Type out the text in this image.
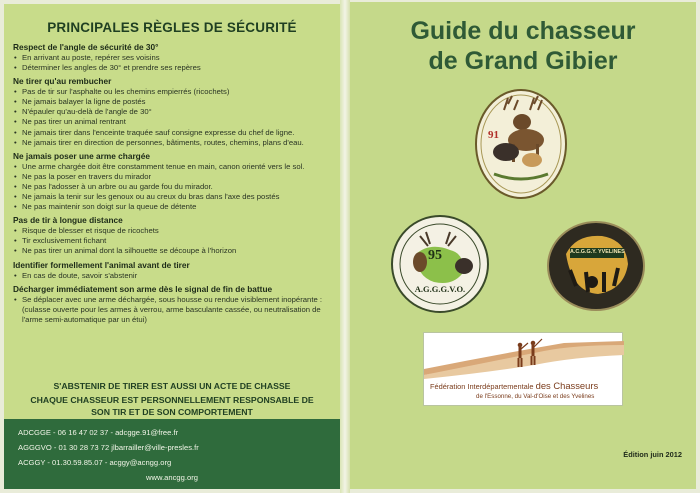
PRINCIPALES RÈGLES DE SÉCURITÉ
Respect de l'angle de sécurité de 30°
• En arrivant au poste, repérer ses voisins
• Déterminer les angles de 30° et prendre ses repères
Ne tirer qu'au rembucher
• Pas de tir sur l'asphalte ou les chemins empierrés (ricochets)
• Ne jamais balayer la ligne de postés
• N'épauler qu'au-delà de l'angle de 30°
• Ne pas tirer un animal rentrant
• Ne jamais tirer dans l'enceinte traquée sauf consigne expresse du chef de ligne.
• Ne jamais tirer en direction de personnes, bâtiments, routes, chemins, plans d'eau.
Ne jamais poser une arme chargée
• Une arme chargée doit être constamment tenue en main, canon orienté vers le sol.
• Ne pas la poser en travers du mirador
• Ne pas l'adosser à un arbre ou au garde fou du mirador.
• Ne jamais la tenir sur les genoux ou au creux du bras dans l'axe des postés
• Ne pas maintenir son doigt sur la queue de détente
Pas de tir à longue distance
• Risque de blesser et risque de ricochets
• Tir exclusivement fichant
• Ne pas tirer un animal dont la silhouette se découpe à l'horizon
Identifier formellement l'animal avant de tirer
• En cas de doute, savoir s'abstenir
Décharger immédiatement son arme dès le signal de fin de battue
• Se déplacer avec une arme déchargée, sous housse ou rendue visiblement inopérante : (culasse ouverte pour les armes à verrou, arme basculante cassée, ou neutralisation de l'arme semi-automatique par un étui)
S'ABSTENIR DE TIRER EST AUSSI UN ACTE DE CHASSE
CHAQUE CHASSEUR EST PERSONNELLEMENT RESPONSABLE DE
SON TIR ET DE SON COMPORTEMENT
ADCGGE - 06 16 47 02 37 - adcgge.91@free.fr
AGGGVO - 01 30 28 73 72 jlbarrailler@ville-presles.fr
ACGGY - 01.30.59.85.07 - acggy@acngg.org
www.ancgg.org
Guide du chasseur
de Grand Gibier
91
95
A.G.G.G.V.O.
A.C.G.G.Y. YVELINES
Fédération Interdépartementale des Chasseurs
de l'Essonne, du Val-d'Oise et des Yvelines
Édition juin 2012
